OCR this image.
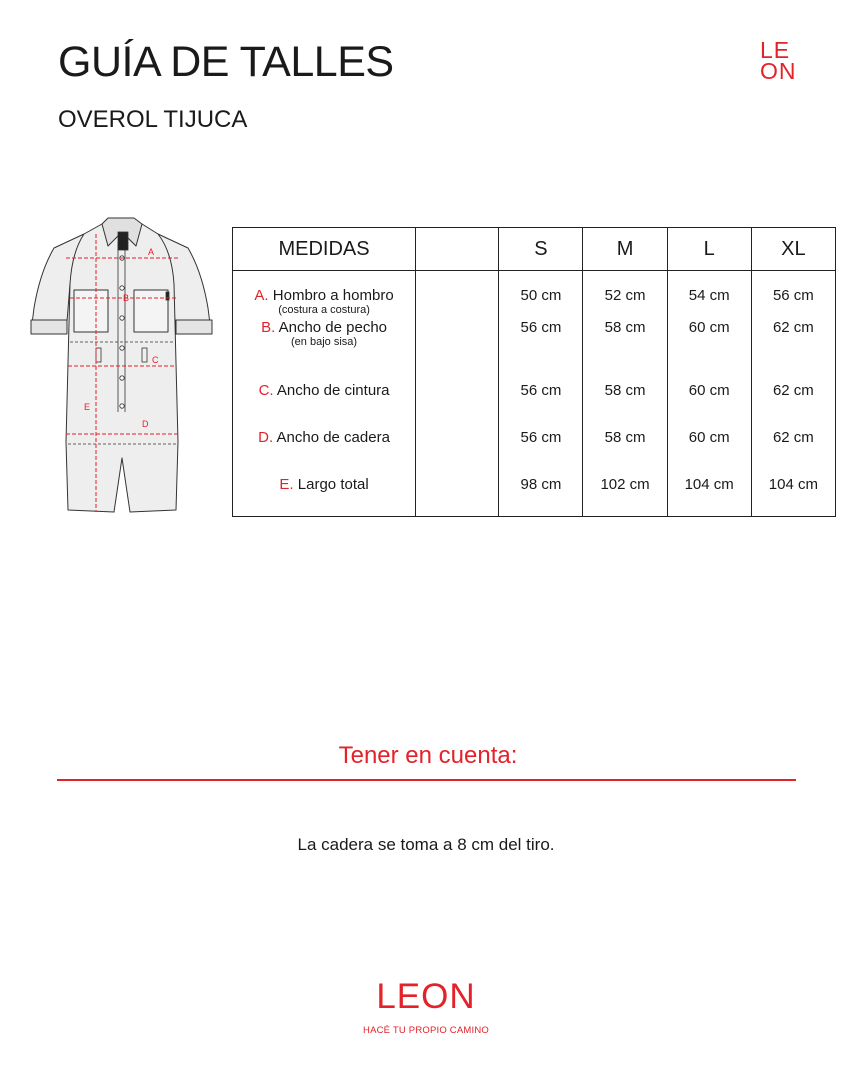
GUÍA DE TALLES
OVEROL TIJUCA
LE
ON
A
B
C
D
E
MEDIDAS		S	M	L	XL
A. Hombro a hombro
(costura a costura)		50 cm	52 cm	54 cm	56 cm
B. Ancho de pecho
(en bajo sisa)		56 cm	58 cm	60 cm	62 cm
C. Ancho de cintura		56 cm	58 cm	60 cm	62 cm
D. Ancho de cadera		56 cm	58 cm	60 cm	62 cm
E. Largo total		98 cm	102 cm	104 cm	104 cm
Tener en cuenta:
La cadera se toma a 8 cm del tiro.
LEON
HACÉ TU PROPIO CAMINO
